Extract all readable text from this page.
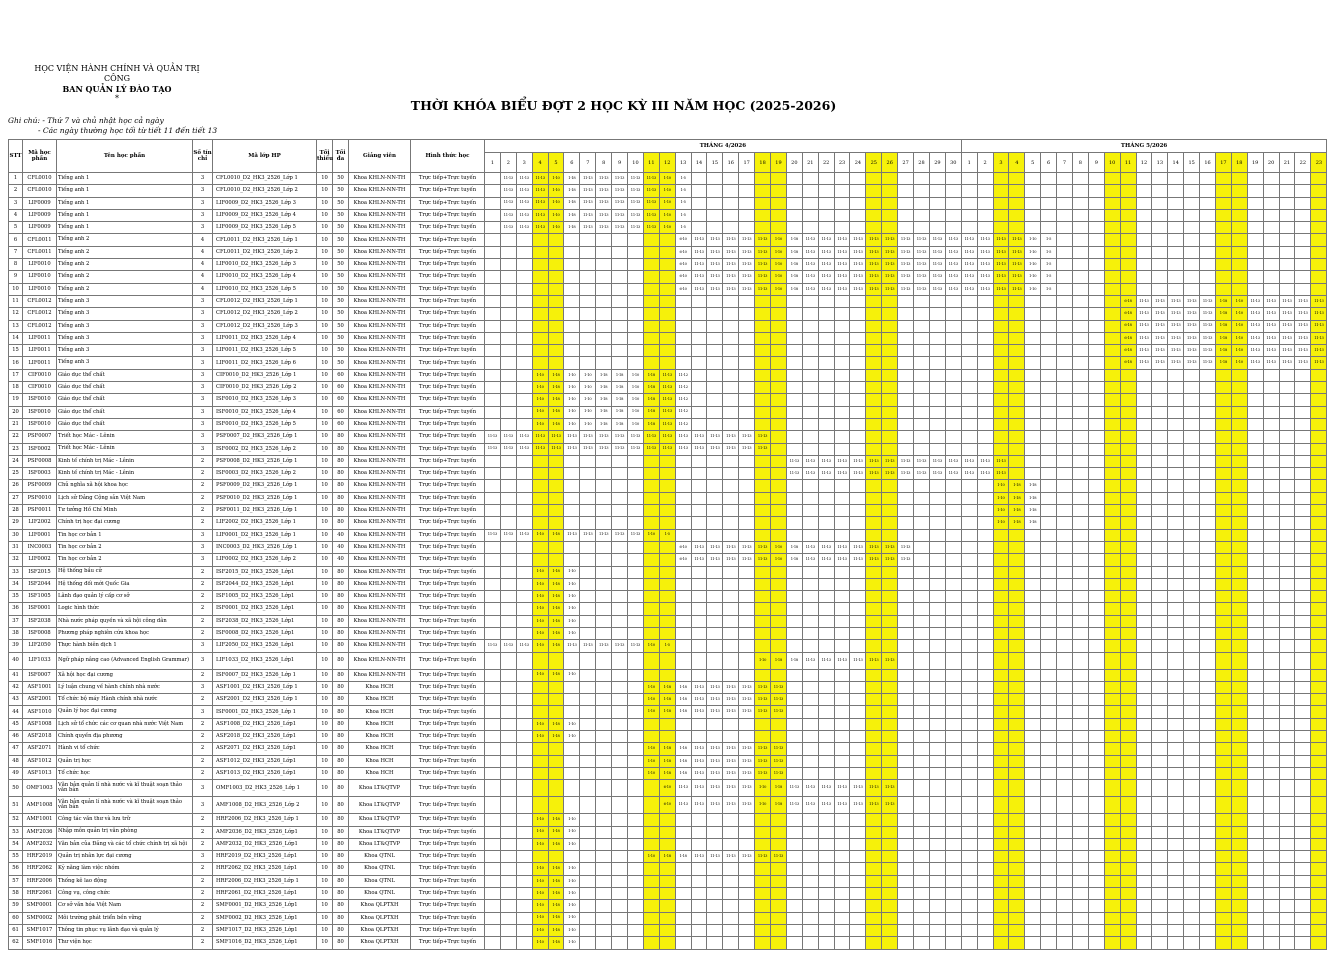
HỌC VIỆN HÀNH CHÍNH VÀ QUẢN TRỊ CÔNG
BAN QUẢN LÝ ĐÀO TẠO
*	THỜI KHÓA BIỂU ĐỢT 2 HỌC KỲ III NĂM HỌC (2025-2026)
Ghi chú: - Thứ 7 và chủ nhật học cả ngày
- Các ngày thường học tối từ tiết 11 đến tiết 13
STT	Mã học phần	Tên học phần	Số tín chỉ	Mã lớp HP	Tối thiểu	Tối đa	Giảng viên	Hình thức học	THÁNG 4/2026																														THÁNG 5/2026																						
									1	2	3	4	5	6	7	8	9	10	11	12	13	14	15	16	17	18	19	20	21	22	23	24	25	26	27	28	29	30	1	2	3	4	5	6	7	8	9	10	11	12	13	14	15	16	17	18	19	20	21	22	23
1	CFL0010	Tiếng anh 1	3	CFL0010_D2_HK3_2526_Lớp 1	10	50	Khoa KHLN-NN-TH	Trực tiếp+Trực tuyến		11-13	11-13	11-13	1-10	1-18	11-13	11-13	11-13	11-13	11-13	1-10	1-5																																								
2	CFL0010	Tiếng anh 1	3	CFL0010_D2_HK3_2526_Lớp 2	10	50	Khoa KHLN-NN-TH	Trực tiếp+Trực tuyến		11-13	11-13	11-13	1-10	1-18	11-13	11-13	11-13	11-13	11-13	1-10	1-5																																								
3	LIF0009	Tiếng anh 1	3	LIF0009_D2_HK3_2526_Lớp 3	10	50	Khoa KHLN-NN-TH	Trực tiếp+Trực tuyến		11-13	11-13	11-13	1-10	1-18	11-13	11-13	11-13	11-13	11-13	1-10	1-5																																								
4	LIF0009	Tiếng anh 1	3	LIF0009_D2_HK3_2526_Lớp 4	10	50	Khoa KHLN-NN-TH	Trực tiếp+Trực tuyến		11-13	11-13	11-13	1-10	1-18	11-13	11-13	11-13	11-13	11-13	1-10	1-5																																								
5	LIF0009	Tiếng anh 1	3	LIF0009_D2_HK3_2526_Lớp 5	10	50	Khoa KHLN-NN-TH	Trực tiếp+Trực tuyến		11-13	11-13	11-13	1-10	1-18	11-13	11-13	11-13	11-13	11-13	1-10	1-5																																								
6	CFL0011	Tiếng anh 2	4	CFL0011_D2_HK3_2526_Lớp 1	10	50	Khoa KHLN-NN-TH	Trực tiếp+Trực tuyến													6-10	11-13	11-13	11-13	11-13	11-13	1-10	1-18	11-13	11-13	11-13	11-13	11-13	11-13	11-13	11-13	11-13	11-13	11-13	11-13	11-13	11-13	1-10	1-5																	
7	CFL0011	Tiếng anh 2	4	CFL0011_D2_HK3_2526_Lớp 2	10	50	Khoa KHLN-NN-TH	Trực tiếp+Trực tuyến													6-10	11-13	11-13	11-13	11-13	11-13	1-10	1-18	11-13	11-13	11-13	11-13	11-13	11-13	11-13	11-13	11-13	11-13	11-13	11-13	11-13	11-13	1-10	1-5																	
8	LIF0010	Tiếng anh 2	4	LIF0010_D2_HK3_2526_Lớp 3	10	50	Khoa KHLN-NN-TH	Trực tiếp+Trực tuyến													6-10	11-13	11-13	11-13	11-13	11-13	1-10	1-18	11-13	11-13	11-13	11-13	11-13	11-13	11-13	11-13	11-13	11-13	11-13	11-13	11-13	11-13	1-10	1-5																	
9	LIF0010	Tiếng anh 2	4	LIF0010_D2_HK3_2526_Lớp 4	10	50	Khoa KHLN-NN-TH	Trực tiếp+Trực tuyến													6-10	11-13	11-13	11-13	11-13	11-13	1-10	1-18	11-13	11-13	11-13	11-13	11-13	11-13	11-13	11-13	11-13	11-13	11-13	11-13	11-13	11-13	1-10	1-5																	
10	LIF0010	Tiếng anh 2	4	LIF0010_D2_HK3_2526_Lớp 5	10	50	Khoa KHLN-NN-TH	Trực tiếp+Trực tuyến													6-10	11-13	11-13	11-13	11-13	11-13	1-10	1-18	11-13	11-13	11-13	11-13	11-13	11-13	11-13	11-13	11-13	11-13	11-13	11-13	11-13	11-13	1-10	1-5																	
11	CFL0012	Tiếng anh 3	3	CFL0012_D2_HK3_2526_Lớp 1	10	50	Khoa KHLN-NN-TH	Trực tiếp+Trực tuyến																																									6-18	11-13	11-13	11-13	11-13	11-13	1-18	1-10	11-13	11-13	11-13	11-13	11-13
12	CFL0012	Tiếng anh 3	3	CFL0012_D2_HK3_2526_Lớp 2	10	50	Khoa KHLN-NN-TH	Trực tiếp+Trực tuyến																																									6-18	11-13	11-13	11-13	11-13	11-13	1-18	1-10	11-13	11-13	11-13	11-13	11-13
13	CFL0012	Tiếng anh 3	3	CFL0012_D2_HK3_2526_Lớp 3	10	50	Khoa KHLN-NN-TH	Trực tiếp+Trực tuyến																																									6-18	11-13	11-13	11-13	11-13	11-13	1-18	1-10	11-13	11-13	11-13	11-13	11-13
14	LIF0011	Tiếng anh 3	3	LIF0011_D2_HK3_2526_Lớp 4	10	50	Khoa KHLN-NN-TH	Trực tiếp+Trực tuyến																																									6-18	11-13	11-13	11-13	11-13	11-13	1-18	1-10	11-13	11-13	11-13	11-13	11-13
15	LIF0011	Tiếng anh 3	3	LIF0011_D2_HK3_2526_Lớp 5	10	50	Khoa KHLN-NN-TH	Trực tiếp+Trực tuyến																																									6-18	11-13	11-13	11-13	11-13	11-13	1-18	1-10	11-13	11-13	11-13	11-13	11-13
16	LIF0011	Tiếng anh 3	3	LIF0011_D2_HK3_2526_Lớp 6	10	50	Khoa KHLN-NN-TH	Trực tiếp+Trực tuyến																																									6-18	11-13	11-13	11-13	11-13	11-13	1-18	1-10	11-13	11-13	11-13	11-13	11-13
17	CIF0010	Giáo dục thể chất	3	CIF0010_D2_HK3_2526_Lớp 1	10	60	Khoa KHLN-NN-TH	Trực tiếp+Trực tuyến				1-10	1-18	1-10	1-10	1-18	1-18	1-10	1-18	11-13	11-12																																								
18	CIF0010	Giáo dục thể chất	3	CIF0010_D2_HK3_2526_Lớp 2	10	60	Khoa KHLN-NN-TH	Trực tiếp+Trực tuyến				1-10	1-18	1-10	1-10	1-18	1-18	1-10	1-18	11-13	11-12																																								
19	ISF0010	Giáo dục thể chất	3	ISF0010_D2_HK3_2526_Lớp 3	10	60	Khoa KHLN-NN-TH	Trực tiếp+Trực tuyến				1-10	1-18	1-10	1-10	1-18	1-18	1-10	1-18	11-13	11-12																																								
20	ISF0010	Giáo dục thể chất	3	ISF0010_D2_HK3_2526_Lớp 4	10	60	Khoa KHLN-NN-TH	Trực tiếp+Trực tuyến				1-10	1-18	1-10	1-10	1-18	1-18	1-10	1-18	11-13	11-12																																								
21	ISF0010	Giáo dục thể chất	3	ISF0010_D2_HK3_2526_Lớp 5	10	60	Khoa KHLN-NN-TH	Trực tiếp+Trực tuyến				1-10	1-18	1-10	1-10	1-18	1-18	1-10	1-18	11-13	11-12																																								
22	PSF0007	Triết học Mác - Lênin	3	PSF0007_D2_HK3_2526_Lớp 1	10	80	Khoa KHLN-NN-TH	Trực tiếp+Trực tuyến	11-13	11-13	11-13	11-13	11-13	11-13	11-13	11-13	11-13	11-13	11-13	11-13	11-13	11-13	11-13	11-13	11-13	11-13																																			
23	ISF0002	Triết học Mác - Lênin	3	ISF0002_D2_HK3_2526_Lớp 2	10	80	Khoa KHLN-NN-TH	Trực tiếp+Trực tuyến	11-13	11-13	11-13	11-13	11-13	11-13	11-13	11-13	11-13	11-13	11-13	11-13	11-13	11-13	11-13	11-13	11-13	11-13																																			
24	PSF0008	Kinh tế chính trị Mác - Lênin	2	PSF0008_D2_HK3_2526_Lớp 1	10	80	Khoa KHLN-NN-TH	Trực tiếp+Trực tuyến																				11-13	11-13	11-13	11-13	11-13	11-13	11-13	11-13	11-13	11-13	11-13	11-13	11-13	11-13																				
25	ISF0003	Kinh tế chính trị Mác - Lênin	2	ISF0003_D2_HK3_2526_Lớp 2	10	80	Khoa KHLN-NN-TH	Trực tiếp+Trực tuyến																				11-13	11-13	11-13	11-13	11-13	11-13	11-13	11-13	11-13	11-13	11-13	11-13	11-13	11-13																				
26	PSF0009	Chủ nghĩa xã hội khoa học	2	PSF0009_D2_HK3_2526_Lớp 1	10	80	Khoa KHLN-NN-TH	Trực tiếp+Trực tuyến																																	1-10	1-18	1-18																		
27	PSF0010	Lịch sử Đảng Cộng sản Việt Nam	2	PSF0010_D2_HK3_2526_Lớp 1	10	80	Khoa KHLN-NN-TH	Trực tiếp+Trực tuyến																																	1-10	1-18	1-18																		
28	PSF0011	Tư tưởng Hồ Chí Minh	2	PSF0011_D2_HK3_2526_Lớp 1	10	80	Khoa KHLN-NN-TH	Trực tiếp+Trực tuyến																																	1-10	1-18	1-18																		
29	LIF2002	Chính trị học đại cương	2	LIF2002_D2_HK3_2526_Lớp 1	10	80	Khoa KHLN-NN-TH	Trực tiếp+Trực tuyến																																	1-10	1-18	1-18																		
30	LIF0001	Tin học cơ bản 1	3	LIF0001_D2_HK3_2526_Lớp 1	10	40	Khoa KHLN-NN-TH	Trực tiếp+Trực tuyến	11-13	11-13	11-13	1-10	1-18	11-13	11-13	11-13	11-13	11-13	1-10	1-5																																									
31	INC0003	Tin học cơ bản 2	3	INC0003_D2_HK3_2526_Lớp 1	10	40	Khoa KHLN-NN-TH	Trực tiếp+Trực tuyến													6-10	11-13	11-13	11-13	11-13	11-13	1-10	1-18	11-13	11-13	11-13	11-13	11-13	11-13	11-13																										
32	LIF0002	Tin học cơ bản 2	3	LIF0002_D2_HK3_2526_Lớp 2	10	40	Khoa KHLN-NN-TH	Trực tiếp+Trực tuyến													6-10	11-13	11-13	11-13	11-13	11-13	1-10	1-18	11-13	11-13	11-13	11-13	11-13	11-13	11-13																										
33	ISF2015	Hệ thống bầu cử	2	ISF2015_D2_HK3_2526_Lớp1	10	80	Khoa KHLN-NN-TH	Trực tiếp+Trực tuyến				1-10	1-18	1-10																																															
34	ISF2044	Hệ thống đối mới Quốc Gia	2	ISF2044_D2_HK3_2526_Lớp1	10	80	Khoa KHLN-NN-TH	Trực tiếp+Trực tuyến				1-10	1-18	1-10																																															
35	ISF1005	Lãnh đạo quản lý cấp cơ sở	2	ISF1005_D2_HK3_2526_Lớp1	10	80	Khoa KHLN-NN-TH	Trực tiếp+Trực tuyến				1-10	1-18	1-10																																															
36	ISF0001	Logic hình thức	2	ISF0001_D2_HK3_2526_Lớp1	10	80	Khoa KHLN-NN-TH	Trực tiếp+Trực tuyến				1-10	1-18	1-10																																															
37	ISF2038	Nhà nước pháp quyền và xã hội công dân	2	ISF2038_D2_HK3_2526_Lớp1	10	80	Khoa KHLN-NN-TH	Trực tiếp+Trực tuyến				1-10	1-18	1-10																																															
38	ISF0008	Phương pháp nghiên cứu khoa học	2	ISF0008_D2_HK3_2526_Lớp1	10	80	Khoa KHLN-NN-TH	Trực tiếp+Trực tuyến				1-10	1-18	1-10																																															
39	LIF2050	Thực hành biên dịch 1	3	LIF2050_D2_HK3_2526_Lớp1	10	80	Khoa KHLN-NN-TH	Trực tiếp+Trực tuyến	11-13	11-13	11-13	1-10	1-18	11-13	11-13	11-13	11-13	11-13	1-10	1-5																																									
40	LIF1033	Ngữ pháp nâng cao (Advanced English Grammar)	3	LIF1033_D2_HK3_2526_Lớp1	10	80	Khoa KHLN-NN-TH	Trực tiếp+Trực tuyến																		1-10	1-18	1-18	11-13	11-13	11-13	11-13	11-13	11-13																											
41	ISF0007	Xã hội học đại cương	2	ISF0007_D2_HK3_2526_Lớp 1	10	80	Khoa KHLN-NN-TH	Trực tiếp+Trực tuyến				1-10	1-18	1-10																																															
42	ASF1001	Lý luận chung về hành chính nhà nước	3	ASF1001_D2_HK3_2526_Lớp 1	10	80	Khoa HCH	Trực tiếp+Trực tuyến											1-10	1-18	1-18	11-13	11-13	11-13	11-13	11-13	11-13																																		
43	ASF2001	Tổ chức bộ máy Hành chính nhà nước	2	ASF2001_D2_HK3_2526_Lớp 1	10	80	Khoa HCH	Trực tiếp+Trực tuyến											1-10	1-18	1-18	11-13	11-13	11-13	11-13	11-13	11-13																																		
44	ASF1010	Quản lý học đại cương	3	ISF0001_D2_HK3_2526_Lớp 1	10	80	Khoa HCH	Trực tiếp+Trực tuyến											1-10	1-18	1-18	11-13	11-13	11-13	11-13	11-13	11-13																																		
45	ASF1008	Lịch sử tổ chức các cơ quan nhà nước Việt Nam	2	ASF1008_D2_HK3_2526_Lớp1	10	80	Khoa HCH	Trực tiếp+Trực tuyến				1-10	1-18	1-10																																															
46	ASF2018	Chính quyền địa phương	2	ASF2018_D2_HK3_2526_Lớp1	10	80	Khoa HCH	Trực tiếp+Trực tuyến				1-10	1-18	1-10																																															
47	ASF2071	Hành vi tổ chức	2	ASF2071_D2_HK3_2526_Lớp1	10	80	Khoa HCH	Trực tiếp+Trực tuyến											1-10	1-18	1-18	11-13	11-13	11-13	11-13	11-13	11-13																																		
48	ASF1012	Quản trị học	2	ASF1012_D2_HK3_2526_Lớp1	10	80	Khoa HCH	Trực tiếp+Trực tuyến											1-10	1-18	1-18	11-13	11-13	11-13	11-13	11-13	11-13																																		
49	ASF1013	Tổ chức học	2	ASF1013_D2_HK3_2526_Lớp1	10	80	Khoa HCH	Trực tiếp+Trực tuyến											1-10	1-18	1-18	11-13	11-13	11-13	11-13	11-13	11-13																																		
50	OMF1003	Văn bản quản lí nhà nước và kĩ thuật soạn thảo văn bản	3	OMF1003_D2_HK3_2526_Lớp 1	10	80	Khoa LT&QTVP	Trực tiếp+Trực tuyến												6-10	11-13	11-13	11-13	11-13	11-13	1-10	1-18	11-13	11-13	11-13	11-13	11-13	11-13	11-13																											
51	AMF1008	Văn bản quản lí nhà nước và kĩ thuật soạn thảo văn bản	3	AMF1008_D2_HK3_2526_Lớp 2	10	80	Khoa LT&QTVP	Trực tiếp+Trực tuyến												6-10	11-13	11-13	11-13	11-13	11-13	1-10	1-18	11-13	11-13	11-13	11-13	11-13	11-13	11-13																											
52	AMF1001	Công tác văn thư và lưu trữ	2	HRF2006_D2_HK3_2526_Lớp 1	10	80	Khoa LT&QTVP	Trực tiếp+Trực tuyến				1-10	1-18	1-10																																															
53	AMF2036	Nhập môn quản trị văn phòng	2	AMF2036_D2_HK3_2526_Lớp1	10	80	Khoa LT&QTVP	Trực tiếp+Trực tuyến				1-10	1-18	1-10																																															
54	AMF2032	Văn bản của Đảng và các tổ chức chính trị xã hội	2	AMF2032_D2_HK3_2526_Lớp1	10	80	Khoa LT&QTVP	Trực tiếp+Trực tuyến				1-10	1-18	1-10																																															
55	HRF2019	Quản trị nhân lực đại cương	3	HRF2019_D2_HK3_2526_Lớp1	10	80	Khoa QTNL	Trực tiếp+Trực tuyến											1-10	1-18	1-18	11-13	11-13	11-13	11-13	11-13	11-13																																		
56	HRF2062	Kỹ năng làm việc nhóm	2	HRF2062_D2_HK3_2526_Lớp1	10	80	Khoa QTNL	Trực tiếp+Trực tuyến				1-10	1-18	1-10																																															
57	HRF2006	Thống kê lao động	2	HRF2006_D2_HK3_2526_Lớp 1	10	80	Khoa QTNL	Trực tiếp+Trực tuyến				1-10	1-18	1-10																																															
58	HRF2061	Công vụ, công chức	2	HRF2061_D2_HK3_2526_Lớp1	10	80	Khoa QTNL	Trực tiếp+Trực tuyến				1-10	1-18	1-10																																															
59	SMF0001	Cơ sở văn hóa Việt Nam	2	SMF0001_D2_HK3_2526_Lớp1	10	80	Khoa QLPTXH	Trực tiếp+Trực tuyến				1-10	1-18	1-10																																															
60	SMF0002	Môi trường phát triển bền vững	2	SMF0002_D2_HK3_2526_Lớp1	10	80	Khoa QLPTXH	Trực tiếp+Trực tuyến				1-10	1-18	1-10																																															
61	SMF1017	Thông tin phục vụ lãnh đạo và quản lý	2	SMF1017_D2_HK3_2526_Lớp1	10	80	Khoa QLPTXH	Trực tiếp+Trực tuyến				1-10	1-18	1-10																																															
62	SMF1016	Thư viện học	2	SMF1016_D2_HK3_2526_Lớp1	10	80	Khoa QLPTXH	Trực tiếp+Trực tuyến				1-10	1-18	1-10																																															
